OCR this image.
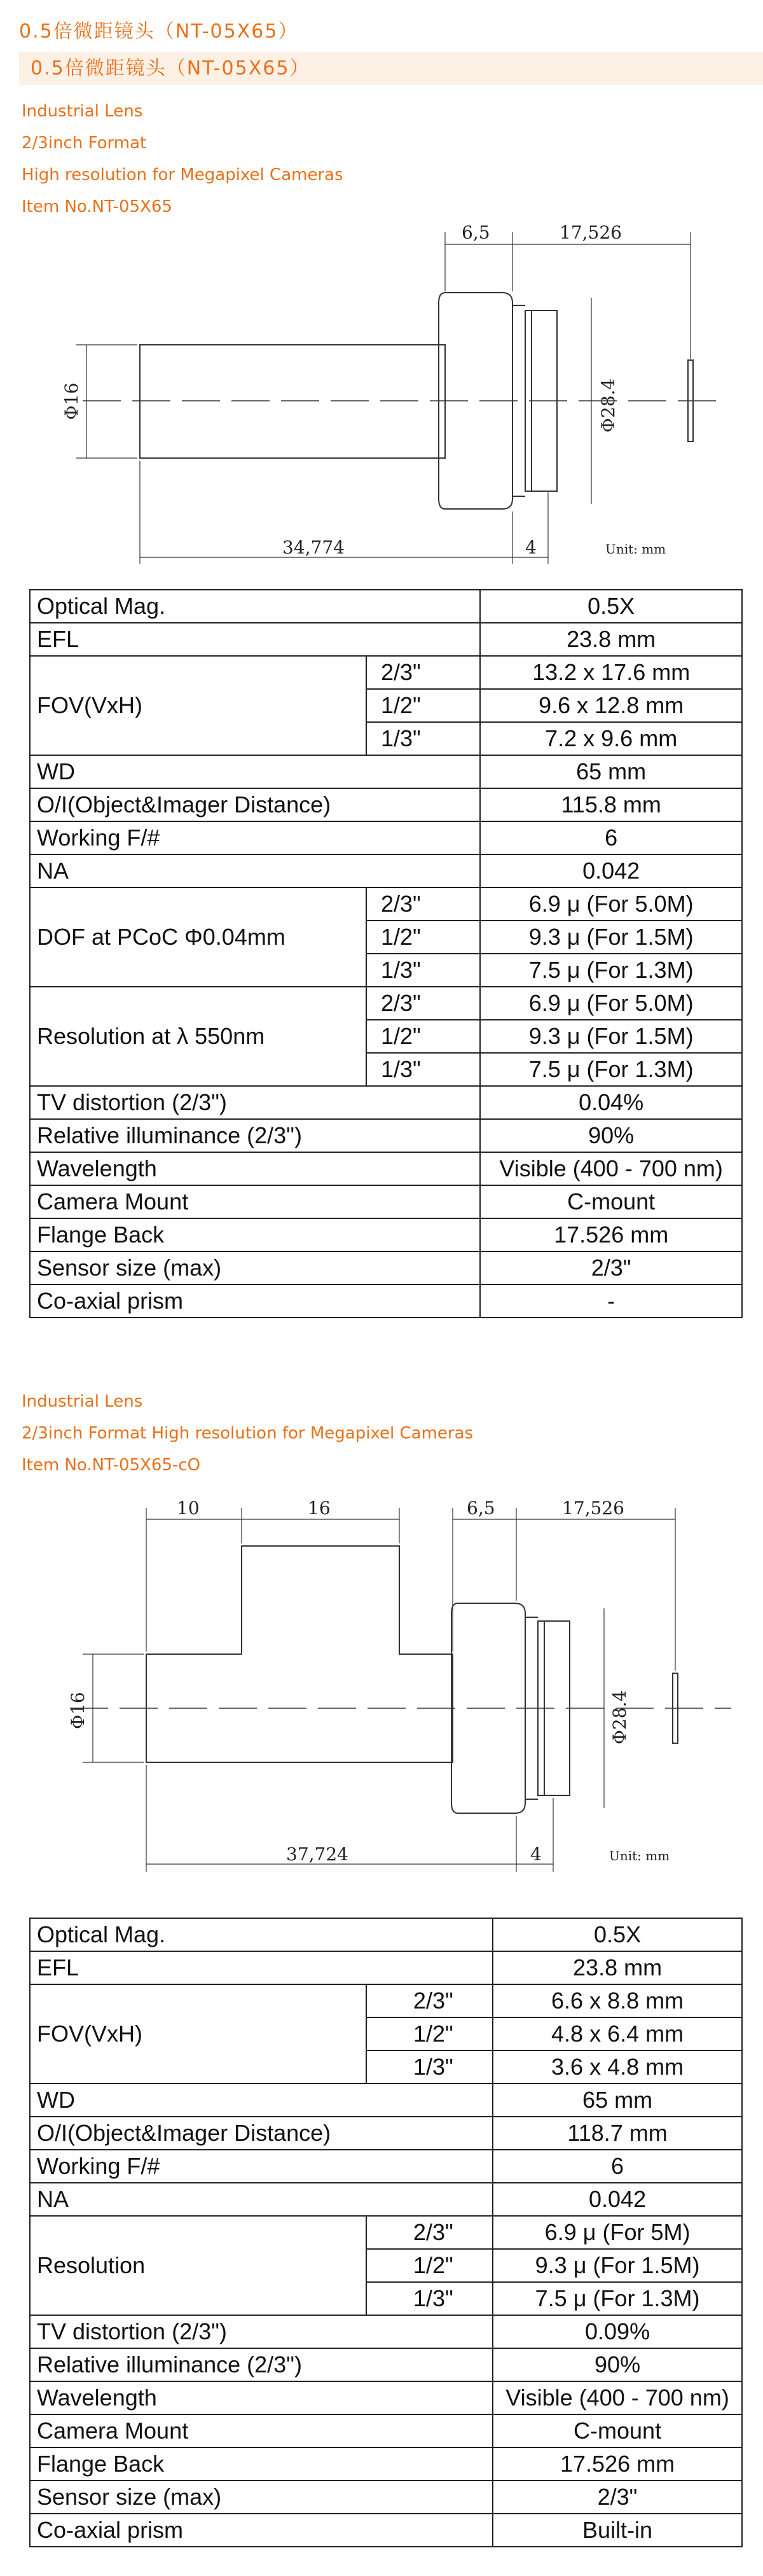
0.5倍微距镜头（NT-05X65）
0.5倍微距镜头（NT-05X65）
Industrial Lens
2/3inch Format
High resolution for Megapixel Cameras
Item No.NT-05X65
6,5	17,526
Φ16	Φ28.4
34,774	4	Unit: mm
Optical Mag.		0.5X
EFL		23.8 mm
FOV(VxH)	2/3"	13.2 x 17.6 mm
	1/2"	9.6 x 12.8 mm
	1/3"	7.2 x 9.6 mm
WD		65 mm
O/I(Object&Imager Distance)		115.8 mm
Working F/#		6
NA		0.042
DOF at PCoC Φ0.04mm	2/3"	6.9 μ (For 5.0M)
	1/2"	9.3 μ (For 1.5M)
	1/3"	7.5 μ (For 1.3M)
Resolution at λ 550nm	2/3"	6.9 μ (For 5.0M)
	1/2"	9.3 μ (For 1.5M)
	1/3"	7.5 μ (For 1.3M)
TV distortion (2/3")		0.04%
Relative illuminance (2/3")		90%
Wavelength		Visible (400 - 700 nm)
Camera Mount		C-mount
Flange Back		17.526 mm
Sensor size (max)		2/3"
Co-axial prism		-
Industrial Lens
2/3inch Format High resolution for Megapixel Cameras
Item No.NT-05X65-cO
10	16	6,5	17,526
Φ16	Φ28.4
37,724	4	Unit: mm
Optical Mag.		0.5X
EFL		23.8 mm
FOV(VxH)	2/3"	6.6 x 8.8 mm
	1/2"	4.8 x 6.4 mm
	1/3"	3.6 x 4.8 mm
WD		65 mm
O/I(Object&Imager Distance)		118.7 mm
Working F/#		6
NA		0.042
Resolution	2/3"	6.9 μ (For 5M)
	1/2"	9.3 μ (For 1.5M)
	1/3"	7.5 μ (For 1.3M)
TV distortion (2/3")		0.09%
Relative illuminance (2/3")		90%
Wavelength		Visible (400 - 700 nm)
Camera Mount		C-mount
Flange Back		17.526 mm
Sensor size (max)		2/3"
Co-axial prism		Built-in
